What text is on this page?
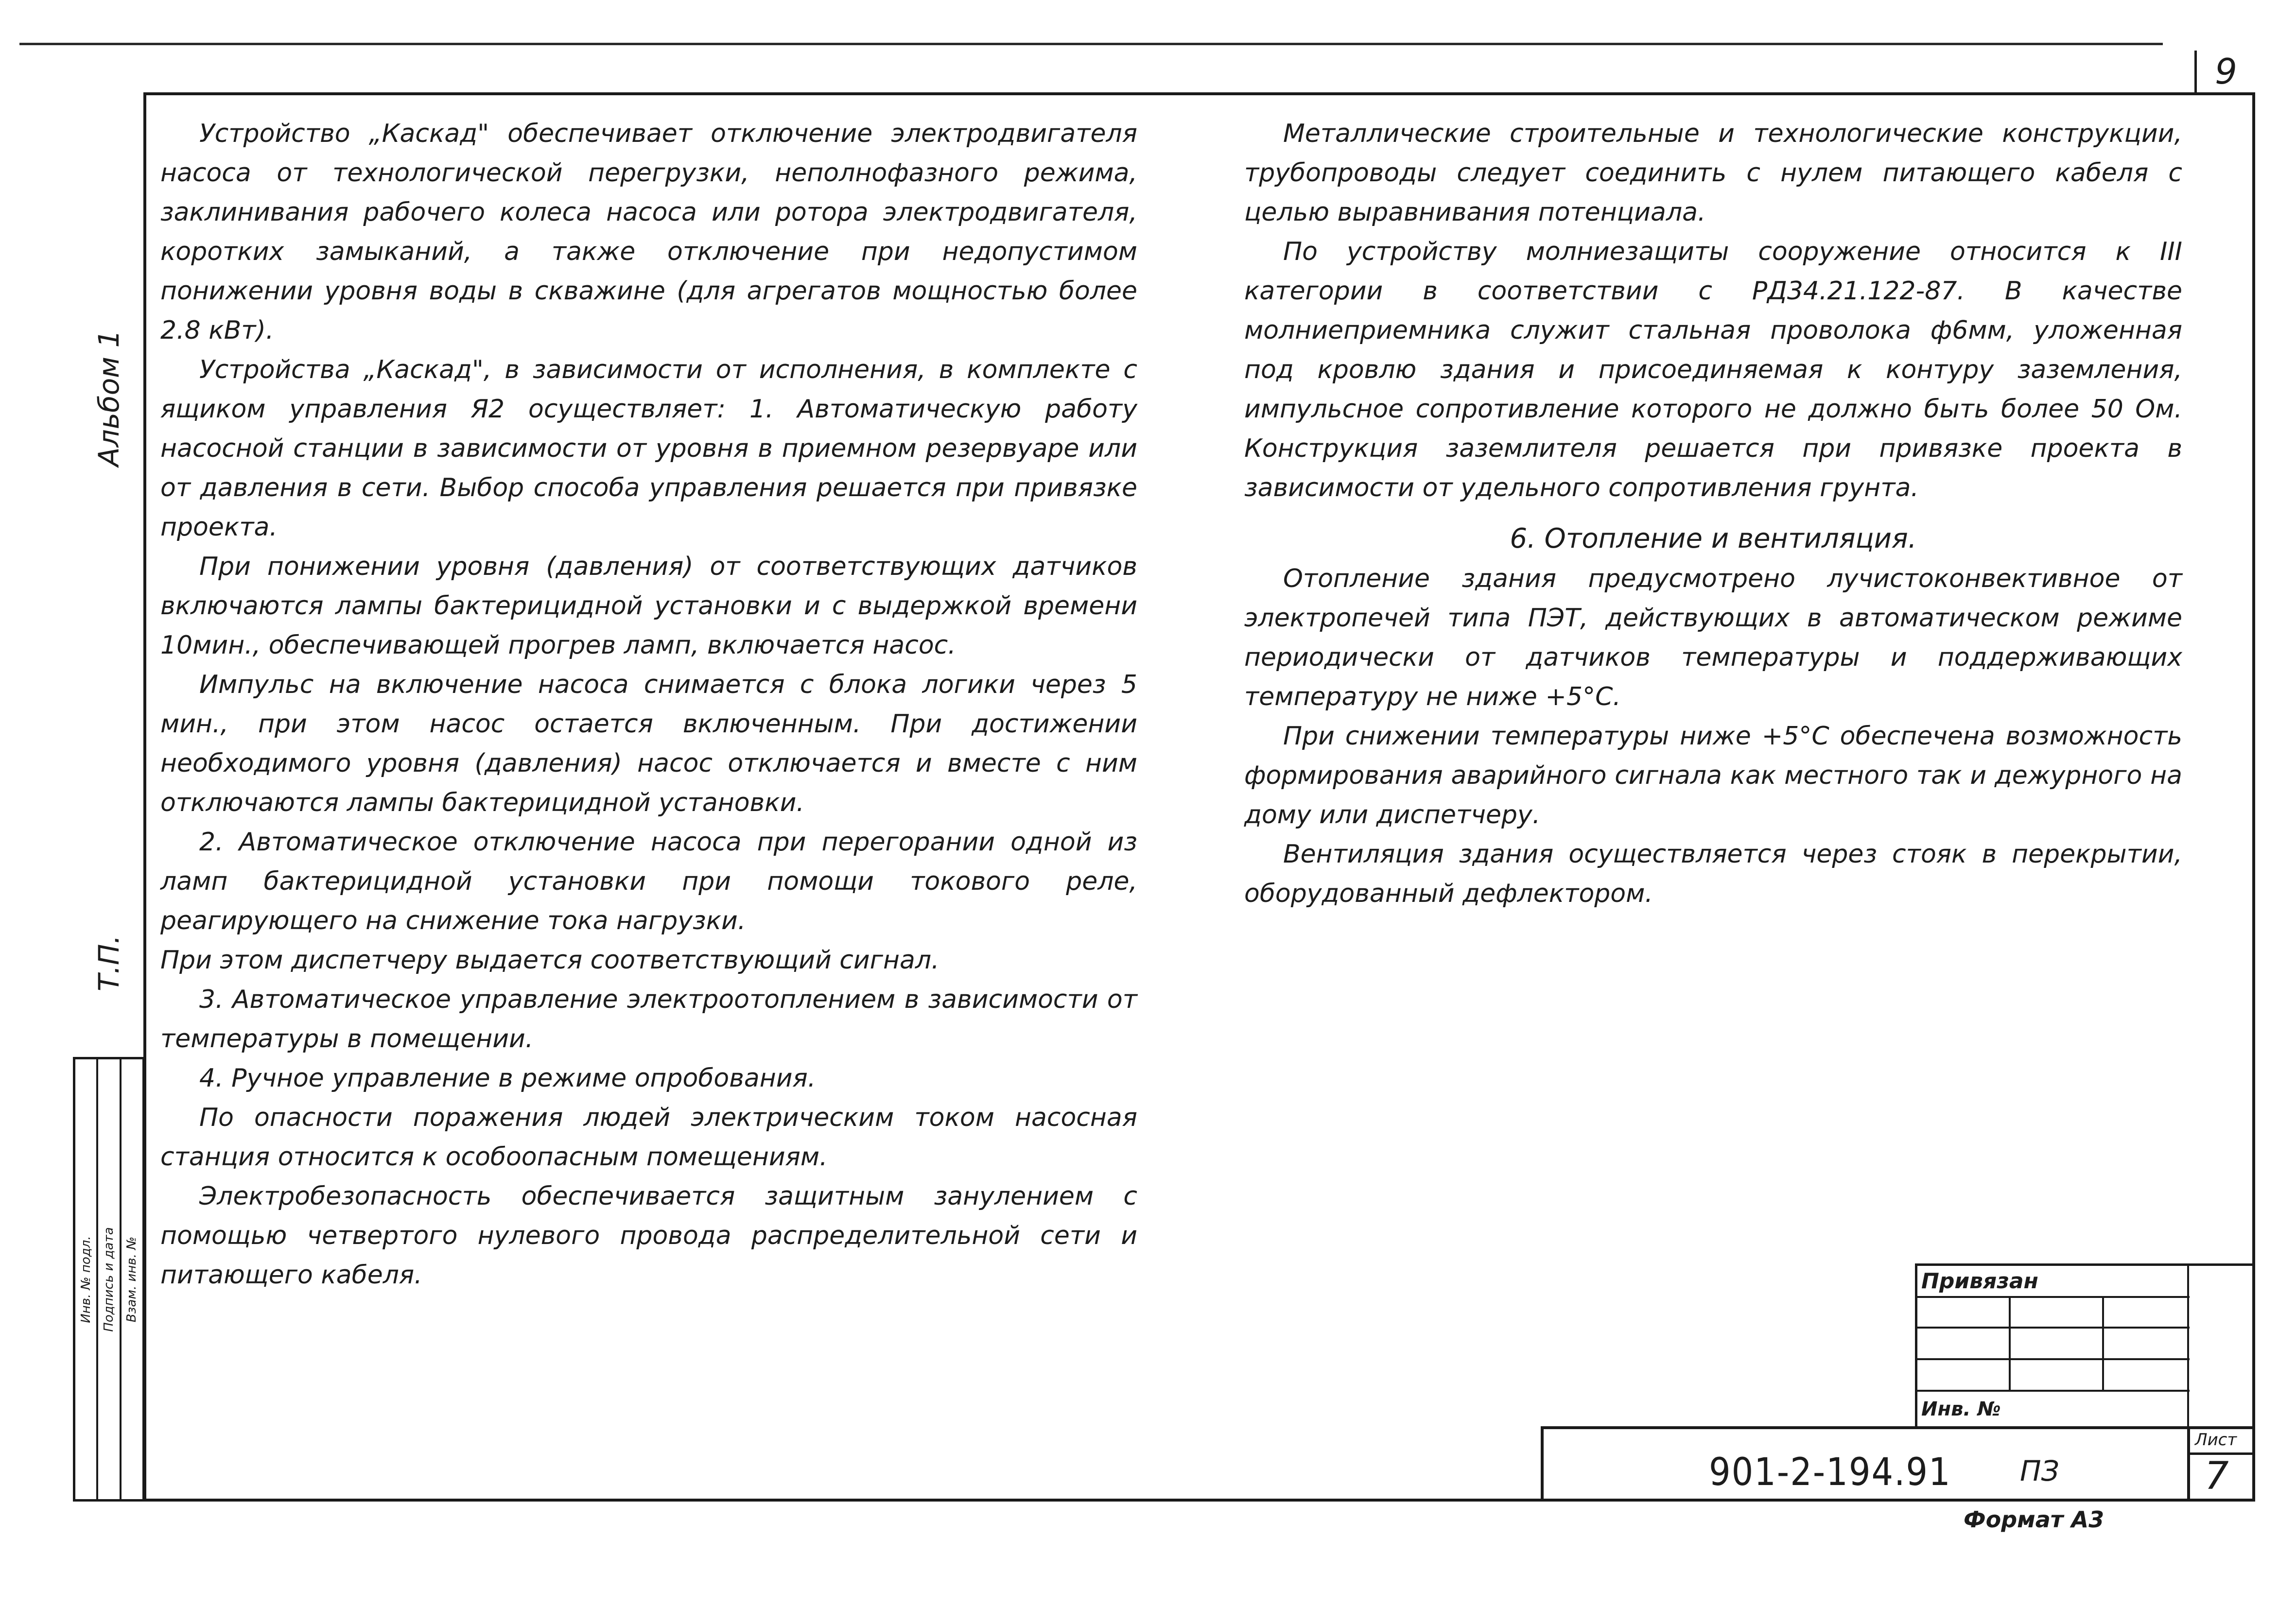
9
Альбом 1
Т.П.
Инв. № подл. Подпись и дата Взам. инв. №

Устройство „Каскад" обеспечивает отключение электродвигателя насоса от технологической перегрузки, неполнофазного режима, заклинивания рабочего колеса насоса или ротора электродвигателя, коротких замыканий, а также отключение при недопустимом понижении уровня воды в скважине (для агрегатов мощностью более 2.8 кВт).

Устройства „Каскад", в зависимости от исполнения, в комплекте с ящиком управления Я2 осуществляет: 1. Автоматическую работу насосной станции в зависимости от уровня в приемном резервуаре или от давления в сети. Выбор способа управления решается при привязке проекта.

При понижении уровня (давления) от соответствующих датчиков включаются лампы бактерицидной установки и с выдержкой времени 10мин., обеспечивающей прогрев ламп, включается насос.

Импульс на включение насоса снимается с блока логики через 5 мин., при этом насос остается включенным. При достижении необходимого уровня (давления) насос отключается и вместе с ним отключаются лампы бактерицидной установки.

2. Автоматическое отключение насоса при перегорании одной из ламп бактерицидной установки при помощи токового реле, реагирующего на снижение тока нагрузки.

При этом диспетчеру выдается соответствующий сигнал.

3. Автоматическое управление электроотоплением в зависимости от температуры в помещении.

4. Ручное управление в режиме опробования.

По опасности поражения людей электрическим током насосная станция относится к особоопасным помещениям.

Электробезопасность обеспечивается защитным занулением с помощью четвертого нулевого провода распределительной сети и питающего кабеля.

Металлические строительные и технологические конструкции, трубопроводы следует соединить с нулем питающего кабеля с целью выравнивания потенциала.

По устройству молниезащиты сооружение относится к III категории в соответствии с РД34.21.122-87. В качестве молниеприемника служит стальная проволока ф6мм, уложенная под кровлю здания и присоединяемая к контуру заземления, импульсное сопротивление которого не должно быть более 50 Ом. Конструкция заземлителя решается при привязке проекта в зависимости от удельного сопротивления грунта.

6. Отопление и вентиляция.

Отопление здания предусмотрено лучистоконвективное от электропечей типа ПЭТ, действующих в автоматическом режиме периодически от датчиков температуры и поддерживающих температуру не ниже +5°С.

При снижении температуры ниже +5°С обеспечена возможность формирования аварийного сигнала как местного так и дежурного на дому или диспетчеру.

Вентиляция здания осуществляется через стояк в перекрытии, оборудованный дефлектором.

Привязан
Инв. №
901-2-194.91 ПЗ
Лист
7
Формат А3
